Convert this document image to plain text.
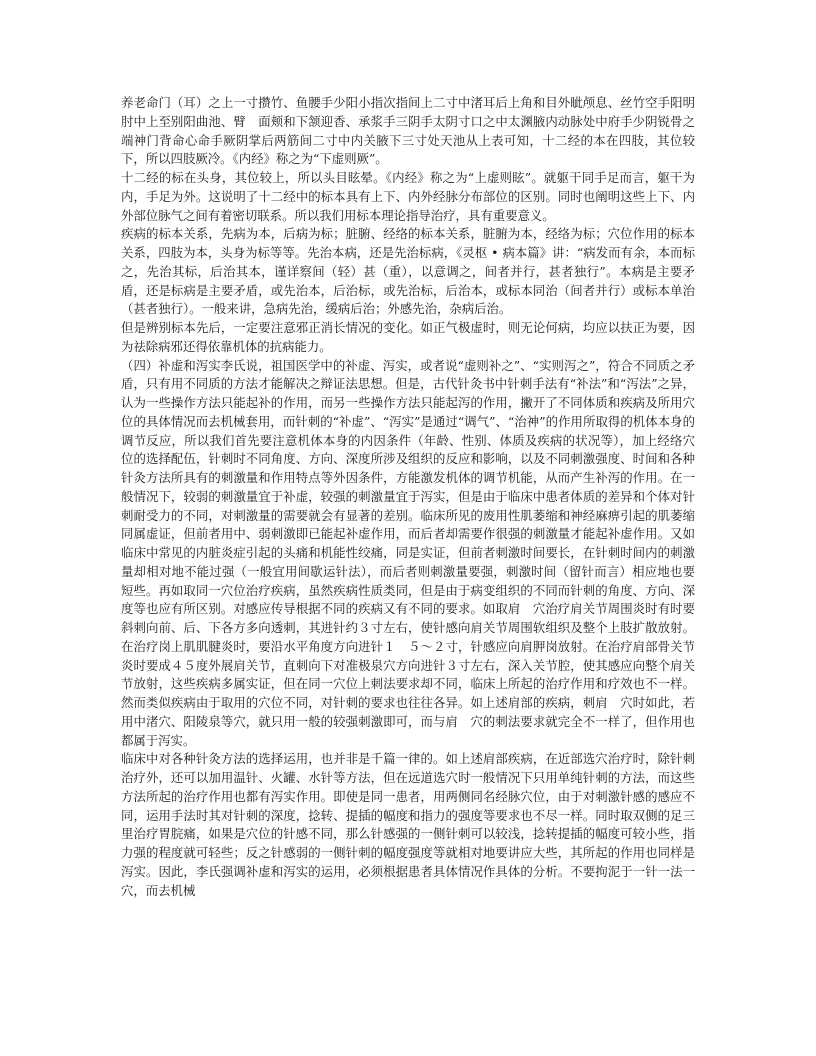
养老命门（耳）之上一寸攒竹、鱼腰手少阳小指次指间上二寸中渚耳后上角和目外眦颅息、丝竹空手阳明肘中上至别阳曲池、臂　面颊和下颔迎香、承浆手三阴手太阴寸口之中太渊腋内动脉处中府手少阴锐骨之端神门背命心命手厥阴掌后两筋间二寸中内关腋下三寸处天池从上表可知，十二经的本在四肢，其位较下，所以四肢厥冷。《内经》称之为“下虚则厥”。

十二经的标在头身，其位较上，所以头目眩晕。《内经》称之为“上虚则眩”。就躯干同手足而言，躯干为内，手足为外。这说明了十二经中的标本具有上下、内外经脉分布部位的区别。同时也阐明这些上下、内外部位脉气之间有着密切联系。所以我们用标本理论指导治疗，具有重要意义。

疾病的标本关系，先病为本，后病为标；脏腑、经络的标本关系，脏腑为本，经络为标；穴位作用的标本关系，四肢为本，头身为标等等。先治本病，还是先治标病，《灵枢 • 病本篇》讲：“病发而有余，本而标之，先治其标，后治其本，谨详察间（轻）甚（重），以意调之，间者并行，甚者独行”。本病是主要矛盾，还是标病是主要矛盾，或先治本，后治标，或先治标，后治本，或标本同治（间者并行）或标本单治（甚者独行）。一般来讲，急病先治，缓病后治；外感先治，杂病后治。

但是辨别标本先后，一定要注意邪正消长情况的变化。如正气极虚时，则无论何病，均应以扶正为要，因为祛除病邪还得依靠机体的抗病能力。

（四）补虚和泻实李氏说，祖国医学中的补虚、泻实，或者说“虚则补之”、“实则泻之”，符合不同质之矛盾，只有用不同质的方法才能解决之辩证法思想。但是，古代针灸书中针刺手法有“补法”和“泻法”之异，认为一些操作方法只能起补的作用，而另一些操作方法只能起泻的作用，撇开了不同体质和疾病及所用穴位的具体情况而去机械套用，而针刺的“补虚”、“泻实”是通过“调气”、“治神”的作用所取得的机体本身的调节反应，所以我们首先要注意机体本身的内因条件（年龄、性别、体质及疾病的状况等），加上经络穴位的选择配伍，针刺时不同角度、方向、深度所涉及组织的反应和影响，以及不同刺激强度、时间和各种针灸方法所具有的刺激量和作用特点等外因条件，方能激发机体的调节机能，从而产生补泻的作用。在一般情况下，较弱的刺激量宜于补虚，较强的刺激量宜于泻实，但是由于临床中患者体质的差异和个体对针刺耐受力的不同，对刺激量的需要就会有显著的差别。临床所见的废用性肌萎缩和神经麻痹引起的肌萎缩同属虚证，但前者用中、弱刺激即已能起补虚作用，而后者却需要作很强的刺激量才能起补虚作用。又如临床中常见的内脏炎症引起的头痛和机能性绞痛，同是实证，但前者刺激时间要长，在针刺时间内的刺激量却相对地不能过强（一般宜用间歇运针法），而后者则刺激量要强，刺激时间（留针而言）相应地也要短些。再如取同一穴位治疗疾病，虽然疾病性质类同，但是由于病变组织的不同而针刺的角度、方向、深度等也应有所区别。对感应传导根据不同的疾病又有不同的要求。如取肩　穴治疗肩关节周围炎时有时要斜刺向前、后、下各方多向透刺，其进针约３寸左右，使针感向肩关节周围软组织及整个上肢扩散放射。在治疗岗上肌肌腱炎时，要沿水平角度方向进针１　５～２寸，针感应向肩胛岗放射。在治疗肩部骨关节炎时要成４５度外展肩关节，直刺向下对准极泉穴方向进针３寸左右，深入关节腔，使其感应向整个肩关节放射，这些疾病多属实证，但在同一穴位上刺法要求却不同，临床上所起的治疗作用和疗效也不一样。然而类似疾病由于取用的穴位不同，对针刺的要求也往往各异。如上述肩部的疾病，刺肩　穴时如此，若用中渚穴、阳陵泉等穴，就只用一般的较强刺激即可，而与肩　穴的刺法要求就完全不一样了，但作用也都属于泻实。

临床中对各种针灸方法的选择运用，也并非是千篇一律的。如上述肩部疾病，在近部选穴治疗时，除针刺治疗外，还可以加用温针、火罐、水针等方法，但在远道选穴时一般情况下只用单纯针刺的方法，而这些方法所起的治疗作用也都有泻实作用。即使是同一患者，用两侧同名经脉穴位，由于对刺激针感的感应不同，运用手法时其对针刺的深度，捻转、提插的幅度和指力的强度等要求也不尽一样。同时取双侧的足三里治疗胃脘痛，如果是穴位的针感不同，那么针感强的一侧针刺可以较浅，捻转提插的幅度可较小些，指力强的程度就可轻些；反之针感弱的一侧针刺的幅度强度等就相对地要讲应大些，其所起的作用也同样是泻实。因此，李氏强调补虚和泻实的运用，必须根据患者具体情况作具体的分析。不要拘泥于一针一法一穴，而去机械
